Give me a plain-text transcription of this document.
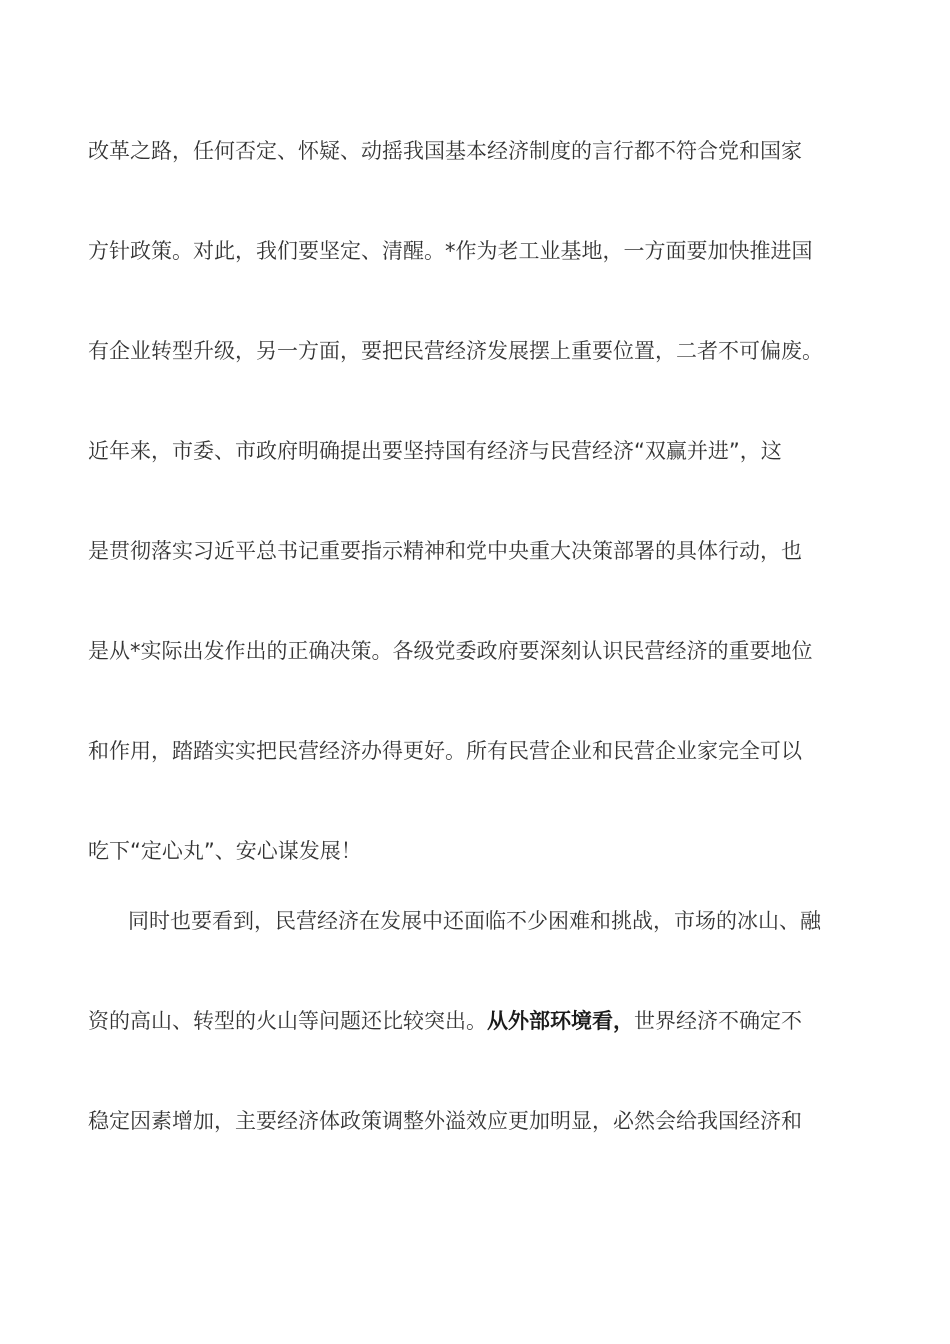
改革之路，任何否定、怀疑、动摇我国基本经济制度的言行都不符合党和国家
方针政策。对此，我们要坚定、清醒。*作为老工业基地，一方面要加快推进国
有企业转型升级，另一方面，要把民营经济发展摆上重要位置，二者不可偏废。
近年来，市委、市政府明确提出要坚持国有经济与民营经济“双赢并进”，这
是贯彻落实习近平总书记重要指示精神和党中央重大决策部署的具体行动，也
是从*实际出发作出的正确决策。各级党委政府要深刻认识民营经济的重要地位
和作用，踏踏实实把民营经济办得更好。所有民营企业和民营企业家完全可以
吃下“定心丸”、安心谋发展！
同时也要看到，民营经济在发展中还面临不少困难和挑战，市场的冰山、融
资的高山、转型的火山等问题还比较突出。从外部环境看，世界经济不确定不
稳定因素增加，主要经济体政策调整外溢效应更加明显，必然会给我国经济和
